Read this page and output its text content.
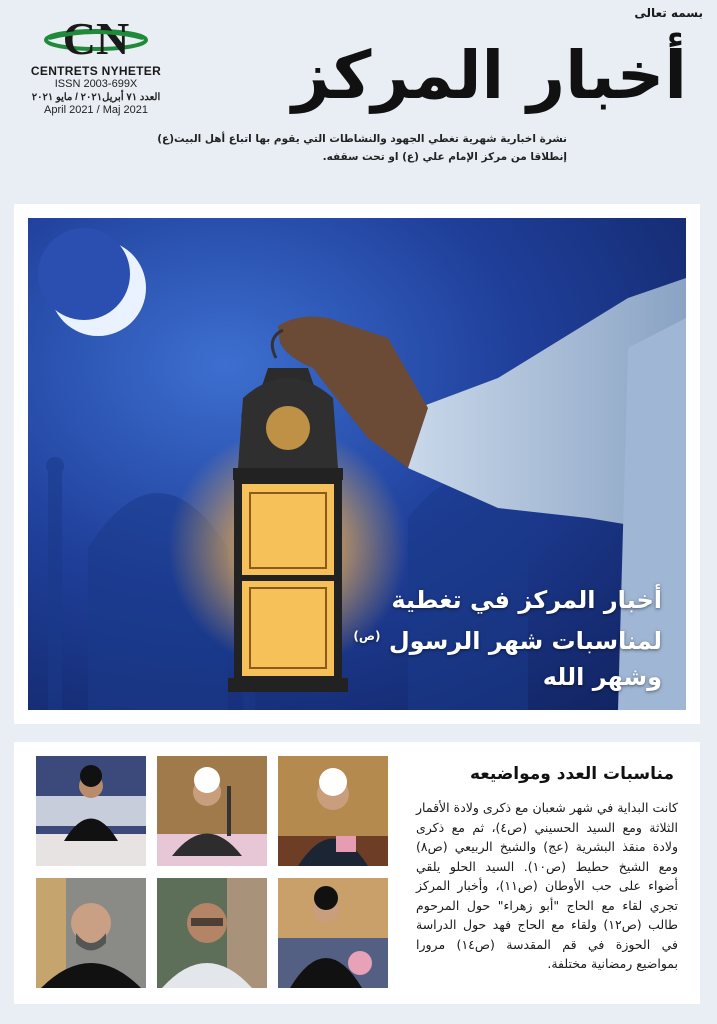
بسمه تعالى
CN
CENTRETS NYHETER
ISSN 2003-699X
العدد ٧١ أبريل٢٠٢١ / مايو ٢٠٢١
April 2021 / Maj 2021 أخبار المركز
نشرة اخبارية شهرية تغطي الجهود والنشاطات التي يقوم بها اتباع أهل البيت(ع)
إنطلاقا من مركز الإمام علي (ع) او تحت سقفه.
أخبار المركز في تغطية
لمناسبات شهر الرسول $^{(ص)}$
وشهر الله
مناسبات العدد ومواضيعه
كانت البداية في شهر شعبان مع ذكرى ولادة الأقمار الثلاثة ومع السيد الحسيني (ص٤)، ثم مع ذكرى ولادة منقذ البشرية (عج) والشيخ الربيعي (ص٨) ومع الشيخ حطيط (ص١٠). السيد الحلو يلقي أضواء على حب الأوطان (ص١١)، وأخبار المركز تجري لقاء مع الحاج "أبو زهراء" حول المرحوم طالب (ص١٢) ولقاء مع الحاج فهد حول الدراسة في الحوزة في قم المقدسة (ص١٤) مرورا بمواضيع رمضانية مختلفة.
